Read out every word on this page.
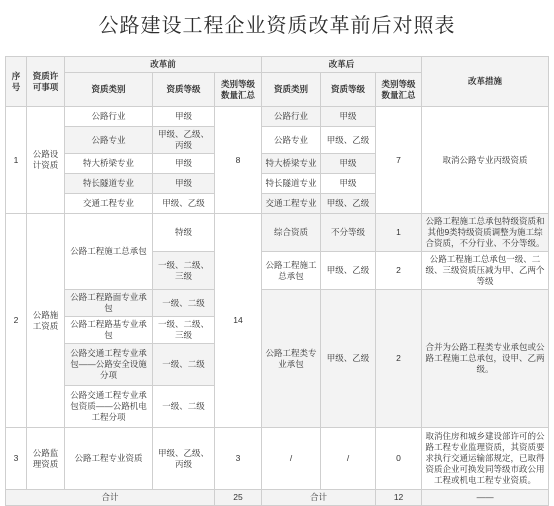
公路建设工程企业资质改革前后对照表
序号	资质许可事项	改革前			改革后			改革措施
		资质类别	资质等级	类别等级数量汇总	资质类别	资质等级	类别等级数量汇总	
1	公路设计资质	公路行业	甲级	8	公路行业	甲级	7	取消公路专业丙级资质
		公路专业	甲级、乙级、丙级		公路专业	甲级、乙级		
		特大桥梁专业	甲级		特大桥梁专业	甲级		
		特长隧道专业	甲级		特长隧道专业	甲级		
		交通工程专业	甲级、乙级		交通工程专业	甲级、乙级		
2	公路施工资质	公路工程施工总承包	特级	14	综合资质	不分等级	1	公路工程施工总承包特级资质和其他9类特级资质调整为施工综合资质，不分行业、不分等级。
			一级、二级、三级		公路工程施工总承包	甲级、乙级	2	公路工程施工总承包一级、二级、三级资质压减为甲、乙两个等级
		公路工程路面专业承包	一级、二级		公路工程类专业承包	甲级、乙级	2	合并为公路工程类专业承包或公路工程施工总承包，设甲、乙两级。
		公路工程路基专业承包	一级、二级、三级					
		公路交通工程专业承包——公路安全设施分项	一级、二级					
		公路交通工程专业承包资质——公路机电工程分项	一级、二级					

3	公路监理资质	公路工程专业资质	甲级、乙级、丙级	3	/	/	0	取消住房和城乡建设部许可的公路工程专业监理资质，其资质要求执行交通运输部规定，已取得资质企业可换发同等级市政公用工程或机电工程专业资质。
合计				25	合计		12	——
